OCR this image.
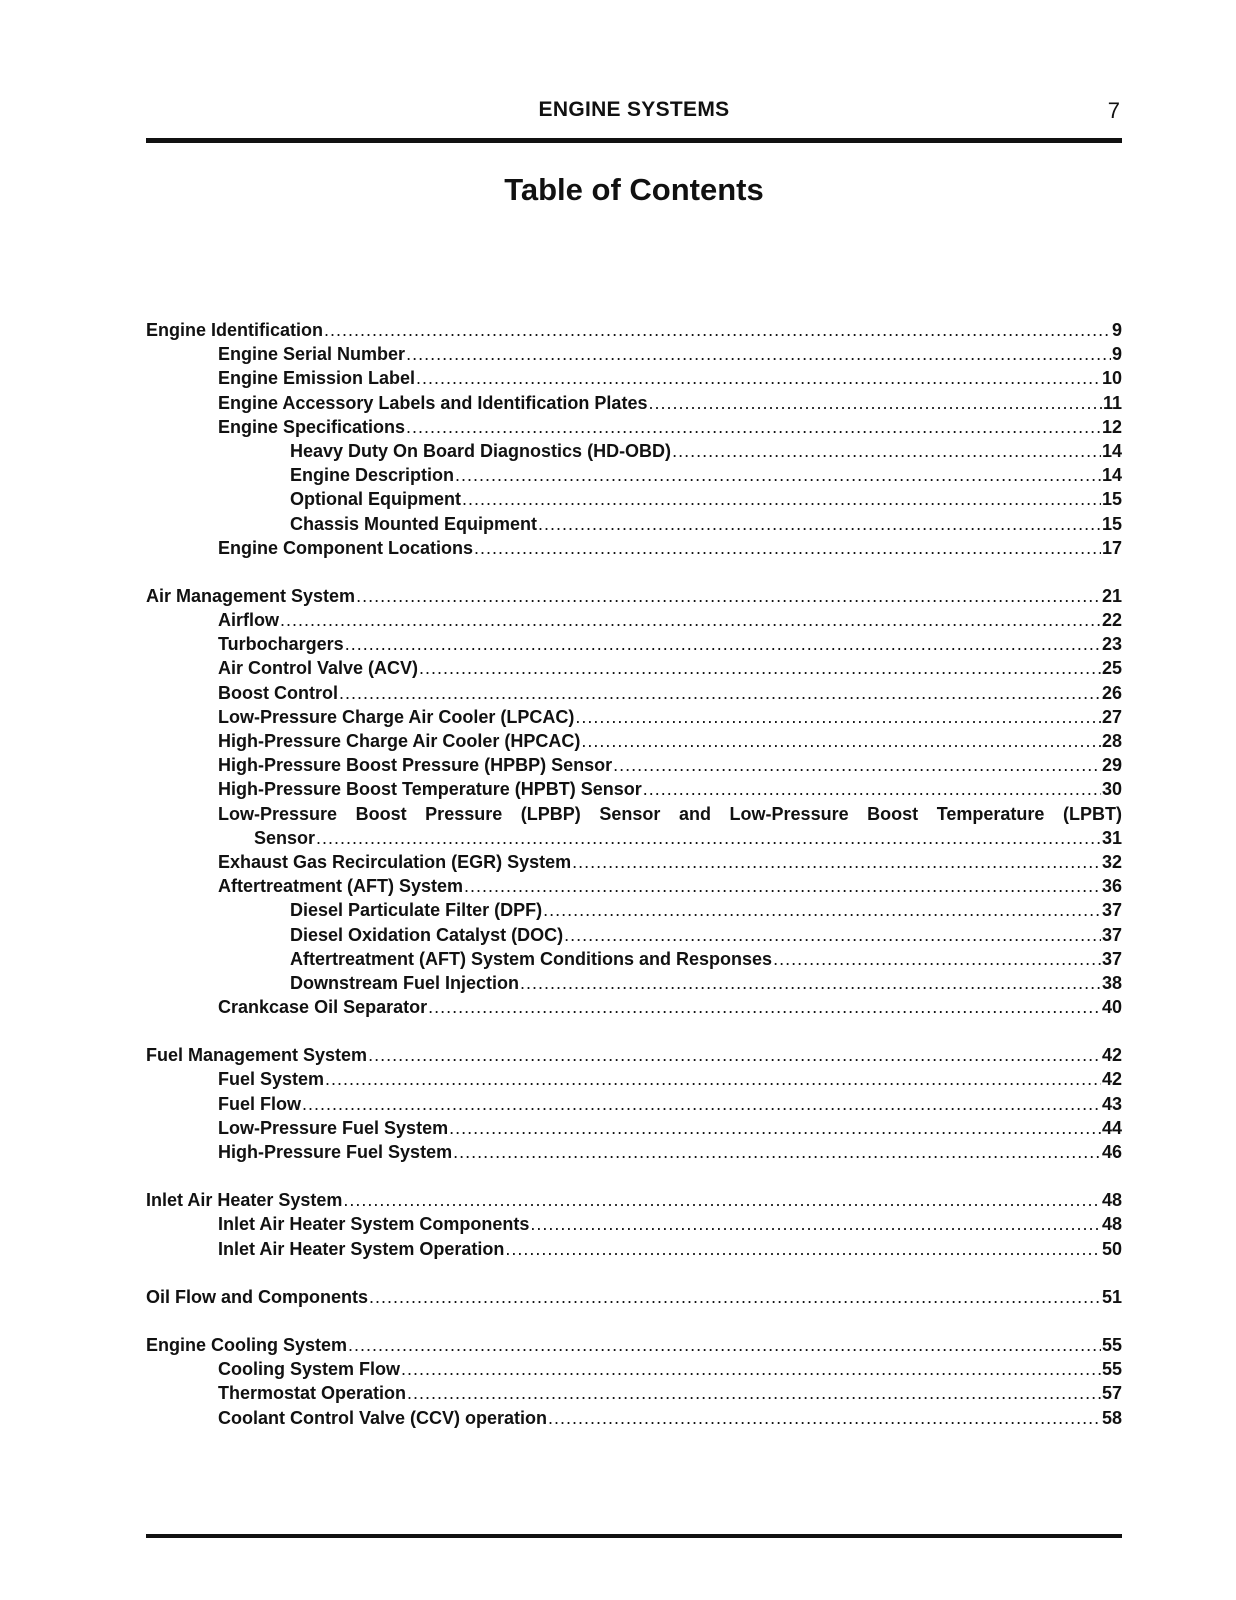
ENGINE SYSTEMS	7
Table of Contents
Engine Identification .....	9
Engine Serial Number .....	9
Engine Emission Label .....	10
Engine Accessory Labels and Identification Plates .....	11
Engine Specifications .....	12
Heavy Duty On Board Diagnostics (HD-OBD) .....	14
Engine Description .....	14
Optional Equipment .....	15
Chassis Mounted Equipment .....	15
Engine Component Locations .....	17
Air Management System .....	21
Airflow .....	22
Turbochargers .....	23
Air Control Valve (ACV) .....	25
Boost Control .....	26
Low-Pressure Charge Air Cooler (LPCAC) .....	27
High-Pressure Charge Air Cooler (HPCAC) .....	28
High-Pressure Boost Pressure (HPBP) Sensor .....	29
High-Pressure Boost Temperature (HPBT) Sensor .....	30
Low-Pressure Boost Pressure (LPBP) Sensor and Low-Pressure Boost Temperature (LPBT)
Sensor .....	31
Exhaust Gas Recirculation (EGR) System .....	32
Aftertreatment (AFT) System .....	36
Diesel Particulate Filter (DPF) .....	37
Diesel Oxidation Catalyst (DOC) .....	37
Aftertreatment (AFT) System Conditions and Responses .....	37
Downstream Fuel Injection .....	38
Crankcase Oil Separator .....	40
Fuel Management System .....	42
Fuel System .....	42
Fuel Flow .....	43
Low-Pressure Fuel System .....	44
High-Pressure Fuel System .....	46
Inlet Air Heater System .....	48
Inlet Air Heater System Components .....	48
Inlet Air Heater System Operation .....	50
Oil Flow and Components .....	51
Engine Cooling System .....	55
Cooling System Flow .....	55
Thermostat Operation .....	57
Coolant Control Valve (CCV) operation .....	58
